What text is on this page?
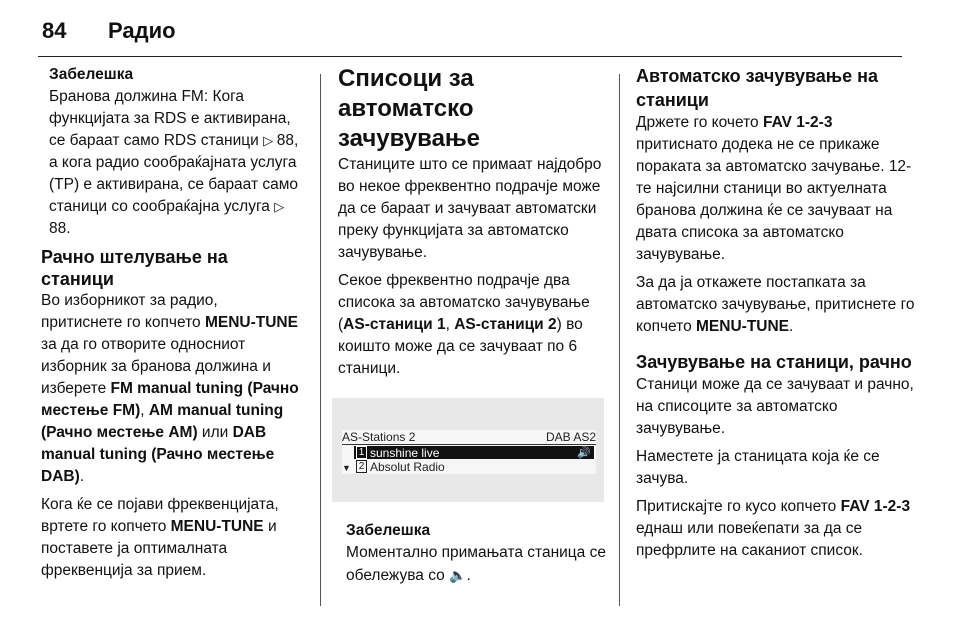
84 Радио

Забелешка

Бранова должина FM: Кога функцијата за RDS е активирана, се бараат само RDS станици ▷ 88, а кога радио сообраќајната услуга (TP) е активирана, се бараат само станици со сообраќајна услуга ▷ 88.

Рачно штелување на станици

Во изборникот за радио, притиснете го копчето MENU-TUNE за да го отворите односниот изборник за бранова должина и изберете FM manual tuning (Рачно местење FM), AM manual tuning (Рачно местење AM) или DAB manual tuning (Рачно местење DAB).

Кога ќе се појави фреквенцијата, вртете го копчето MENU-TUNE и поставете ја оптималната фреквенција за прием.

Списоци за автоматско зачувување

Станиците што се примаат најдобро во некое фреквентно подрачје може да се бараат и зачуваат автоматски преку функцијата за автоматско зачувување.

Секое фреквентно подрачје два списока за автоматско зачувување (AS-станици 1, AS-станици 2) во коишто може да се зачуваат по 6 станици.

AS-Stations 2	DAB AS2
1 sunshine live	🔊
▼ 2 Absolut Radio

Забелешка

Моментално примањата станица се обележува со 🔈.

Автоматско зачувување на станици

Држете го кочето FAV 1-2-3 притиснато додека не се прикаже пораката за автоматско зачување. 12-те најсилни станици во актуелната бранова должина ќе се зачуваат на двата списока за автоматско зачувување.

За да ја откажете постапката за автоматско зачувување, притиснете го копчето MENU-TUNE.

Зачувување на станици, рачно

Станици може да се зачуваат и рачно, на списоците за автоматско зачувување.

Наместете ја станицата која ќе се зачува.

Притискајте го кусо копчето FAV 1-2-3 еднаш или повеќепати за да се префрлите на саканиот список.
